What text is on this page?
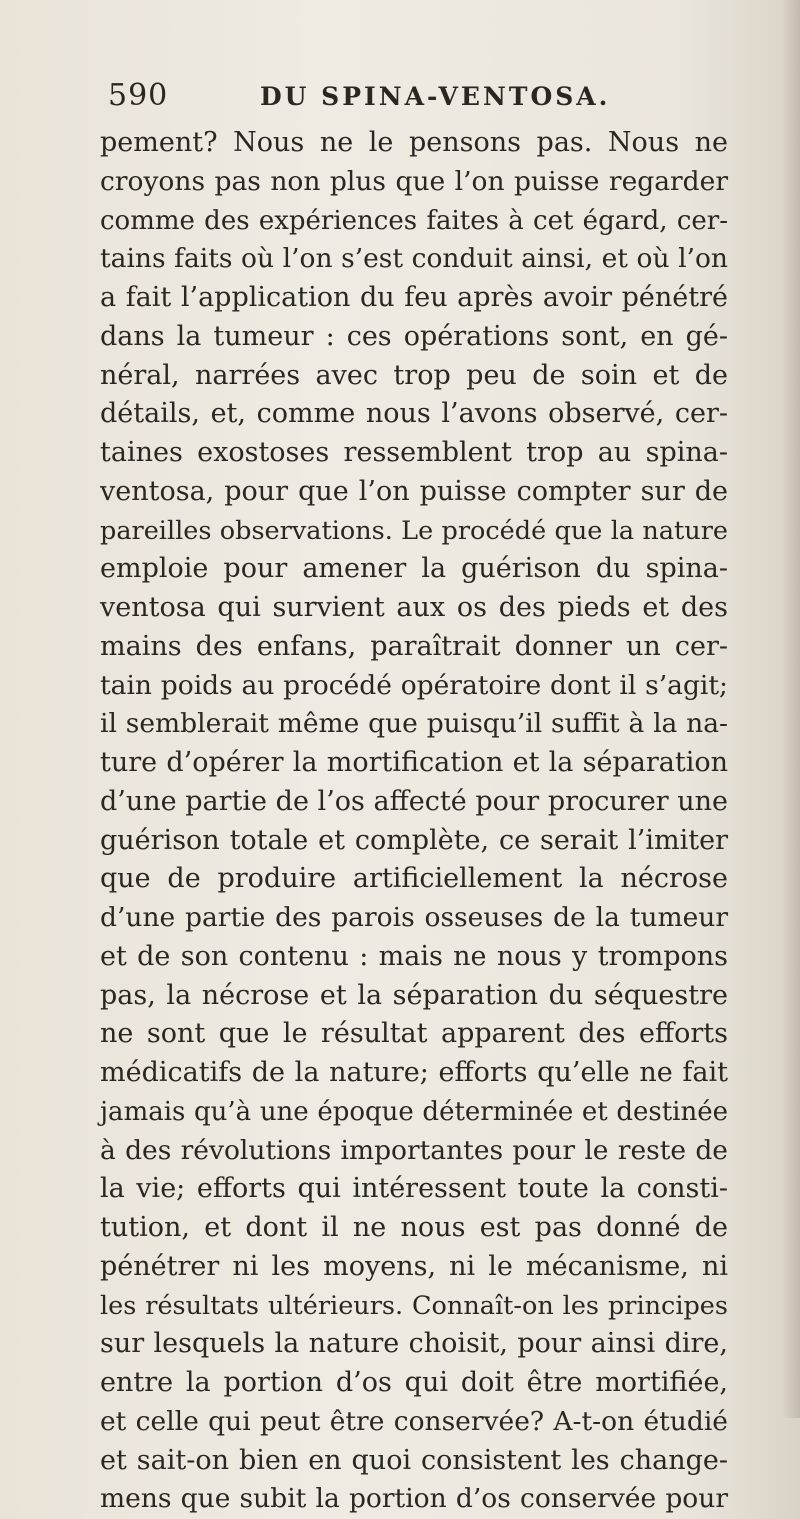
590	DU SPINA-VENTOSA.
pement? Nous ne le pensons pas. Nous ne
croyons pas non plus que l’on puisse regarder
comme des expériences faites à cet égard, cer-
tains faits où l’on s’est conduit ainsi, et où l’on
a fait l’application du feu après avoir pénétré
dans la tumeur : ces opérations sont, en gé-
néral, narrées avec trop peu de soin et de
détails, et, comme nous l’avons observé, cer-
taines exostoses ressemblent trop au spina-
ventosa, pour que l’on puisse compter sur de
pareilles observations. Le procédé que la nature
emploie pour amener la guérison du spina-
ventosa qui survient aux os des pieds et des
mains des enfans, paraîtrait donner un cer-
tain poids au procédé opératoire dont il s’agit;
il semblerait même que puisqu’il suffit à la na-
ture d’opérer la mortification et la séparation
d’une partie de l’os affecté pour procurer une
guérison totale et complète, ce serait l’imiter
que de produire artificiellement la nécrose
d’une partie des parois osseuses de la tumeur
et de son contenu : mais ne nous y trompons
pas, la nécrose et la séparation du séquestre
ne sont que le résultat apparent des efforts
médicatifs de la nature; efforts qu’elle ne fait
jamais qu’à une époque déterminée et destinée
à des révolutions importantes pour le reste de
la vie; efforts qui intéressent toute la consti-
tution, et dont il ne nous est pas donné de
pénétrer ni les moyens, ni le mécanisme, ni
les résultats ultérieurs. Connaît-on les principes
sur lesquels la nature choisit, pour ainsi dire,
entre la portion d’os qui doit être mortifiée,
et celle qui peut être conservée? A-t-on étudié
et sait-on bien en quoi consistent les change-
mens que subit la portion d’os conservée pour
